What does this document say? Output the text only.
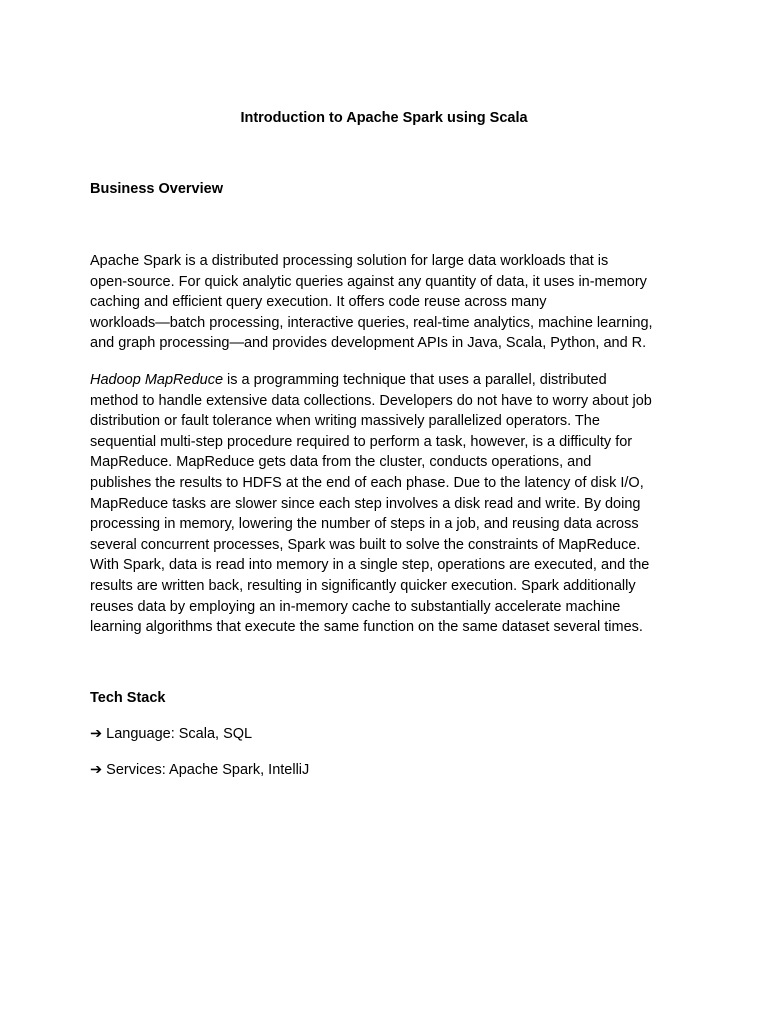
Introduction to Apache Spark using Scala
Business Overview

Apache Spark is a distributed processing solution for large data workloads that is
open-source. For quick analytic queries against any quantity of data, it uses in-memory
caching and efficient query execution. It offers code reuse across many
workloads—batch processing, interactive queries, real-time analytics, machine learning,
and graph processing—and provides development APIs in Java, Scala, Python, and R.

Hadoop MapReduce is a programming technique that uses a parallel, distributed
method to handle extensive data collections. Developers do not have to worry about job
distribution or fault tolerance when writing massively parallelized operators. The
sequential multi-step procedure required to perform a task, however, is a difficulty for
MapReduce. MapReduce gets data from the cluster, conducts operations, and
publishes the results to HDFS at the end of each phase. Due to the latency of disk I/O,
MapReduce tasks are slower since each step involves a disk read and write. By doing
processing in memory, lowering the number of steps in a job, and reusing data across
several concurrent processes, Spark was built to solve the constraints of MapReduce.
With Spark, data is read into memory in a single step, operations are executed, and the
results are written back, resulting in significantly quicker execution. Spark additionally
reuses data by employing an in-memory cache to substantially accelerate machine
learning algorithms that execute the same function on the same dataset several times.

Tech Stack

➔ Language: Scala, SQL

➔ Services: Apache Spark, IntelliJ
